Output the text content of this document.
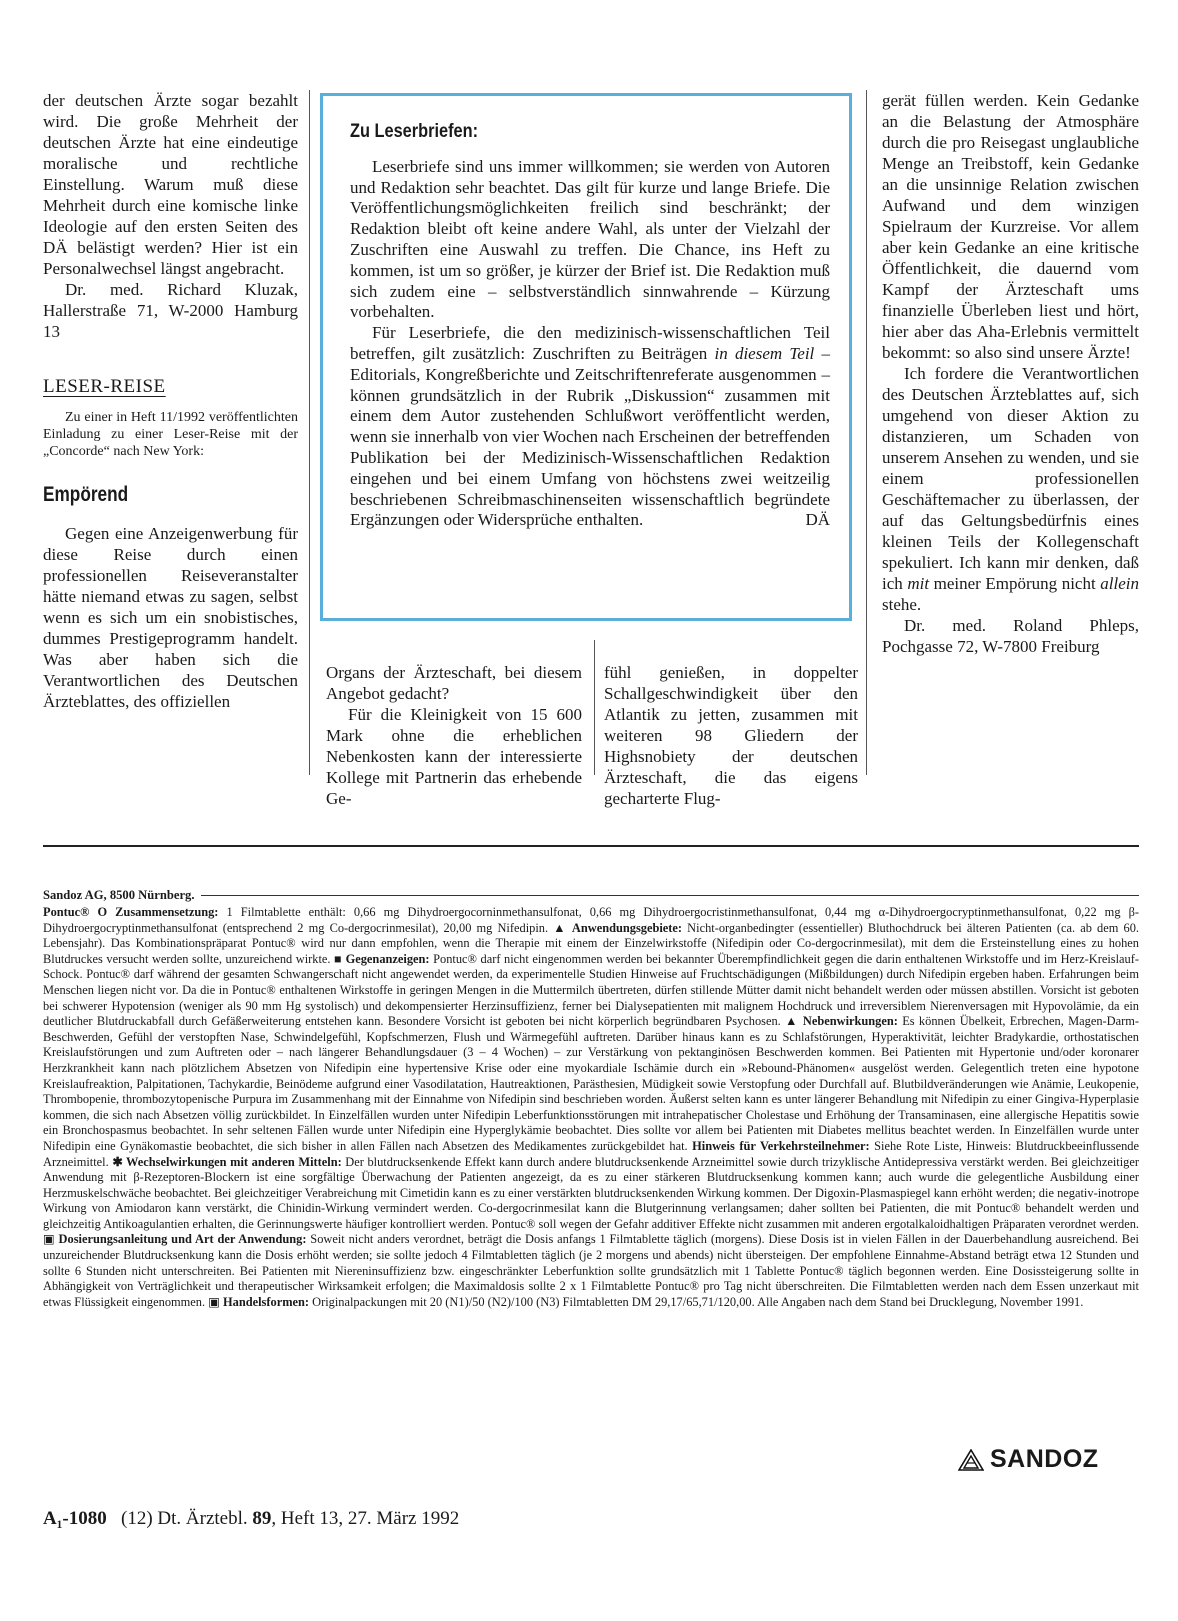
der deutschen Ärzte sogar bezahlt wird. Die große Mehrheit der deutschen Ärzte hat eine eindeutige moralische und rechtliche Einstellung. Warum muß diese Mehrheit durch eine komische linke Ideologie auf den ersten Seiten des DÄ belästigt werden? Hier ist ein Personalwechsel längst angebracht.

Dr. med. Richard Kluzak, Hallerstraße 71, W-2000 Hamburg 13

LESER-REISE

Zu einer in Heft 11/1992 veröffentlichten Einladung zu einer Leser-Reise mit der „Concorde“ nach New York:

Empörend

Gegen eine Anzeigenwerbung für diese Reise durch einen professionellen Reiseveranstalter hätte niemand etwas zu sagen, selbst wenn es sich um ein snobistisches, dummes Prestigeprogramm handelt. Was aber haben sich die Verantwortlichen des Deutschen Ärzteblattes, des offiziellen

Zu Leserbriefen:

Leserbriefe sind uns immer willkommen; sie werden von Autoren und Redaktion sehr beachtet. Das gilt für kurze und lange Briefe. Die Veröffentlichungsmöglichkeiten freilich sind beschränkt; der Redaktion bleibt oft keine andere Wahl, als unter der Vielzahl der Zuschriften eine Auswahl zu treffen. Die Chance, ins Heft zu kommen, ist um so größer, je kürzer der Brief ist. Die Redaktion muß sich zudem eine – selbstverständlich sinnwahrende – Kürzung vorbehalten.

Für Leserbriefe, die den medizinisch-wissenschaftlichen Teil betreffen, gilt zusätzlich: Zuschriften zu Beiträgen in diesem Teil – Editorials, Kongreßberichte und Zeitschriftenreferate ausgenommen – können grundsätzlich in der Rubrik „Diskussion“ zusammen mit einem dem Autor zustehenden Schlußwort veröffentlicht werden, wenn sie innerhalb von vier Wochen nach Erscheinen der betreffenden Publikation bei der Medizinisch-Wissenschaftlichen Redaktion eingehen und bei einem Umfang von höchstens zwei weitzeilig beschriebenen Schreibmaschinenseiten wissenschaftlich begründete Ergänzungen oder Widersprüche enthalten.	DÄ

Organs der Ärzteschaft, bei diesem Angebot gedacht?

Für die Kleinigkeit von 15 600 Mark ohne die erheblichen Nebenkosten kann der interessierte Kollege mit Partnerin das erhebende Ge-

fühl genießen, in doppelter Schallgeschwindigkeit über den Atlantik zu jetten, zusammen mit weiteren 98 Gliedern der Highsnobiety der deutschen Ärzteschaft, die das eigens gecharterte Flug-

gerät füllen werden. Kein Gedanke an die Belastung der Atmosphäre durch die pro Reisegast unglaubliche Menge an Treibstoff, kein Gedanke an die unsinnige Relation zwischen Aufwand und dem winzigen Spielraum der Kurzreise. Vor allem aber kein Gedanke an eine kritische Öffentlichkeit, die dauernd vom Kampf der Ärzteschaft ums finanzielle Überleben liest und hört, hier aber das Aha-Erlebnis vermittelt bekommt: so also sind unsere Ärzte!

Ich fordere die Verantwortlichen des Deutschen Ärzteblattes auf, sich umgehend von dieser Aktion zu distanzieren, um Schaden von unserem Ansehen zu wenden, und sie einem professionellen Geschäftemacher zu überlassen, der auf das Geltungsbedürfnis eines kleinen Teils der Kollegenschaft spekuliert. Ich kann mir denken, daß ich mit meiner Empörung nicht allein stehe.

Dr. med. Roland Phleps, Pochgasse 72, W-7800 Freiburg

Sandoz AG, 8500 Nürnberg.

Pontuc® O Zusammensetzung: 1 Filmtablette enthält: 0,66 mg Dihydroergocorninmethansulfonat, 0,66 mg Dihydroergocristinmethansulfonat, 0,44 mg α-Dihydroergocryptinmethansulfonat, 0,22 mg β-Dihydroergocryptinmethansulfonat (entsprechend 2 mg Co-dergocrinmesilat), 20,00 mg Nifedipin. ▲ Anwendungsgebiete: Nicht-organbedingter (essentieller) Bluthochdruck bei älteren Patienten (ca. ab dem 60. Lebensjahr). Das Kombinationspräparat Pontuc® wird nur dann empfohlen, wenn die Therapie mit einem der Einzelwirkstoffe (Nifedipin oder Co-dergocrinmesilat), mit dem die Ersteinstellung eines zu hohen Blutdruckes versucht werden sollte, unzureichend wirkte. ■ Gegenanzeigen: Pontuc® darf nicht eingenommen werden bei bekannter Überempfindlichkeit gegen die darin enthaltenen Wirkstoffe und im Herz-Kreislauf-Schock. Pontuc® darf während der gesamten Schwangerschaft nicht angewendet werden, da experimentelle Studien Hinweise auf Fruchtschädigungen (Mißbildungen) durch Nifedipin ergeben haben. Erfahrungen beim Menschen liegen nicht vor. Da die in Pontuc® enthaltenen Wirkstoffe in geringen Mengen in die Muttermilch übertreten, dürfen stillende Mütter damit nicht behandelt werden oder müssen abstillen. Vorsicht ist geboten bei schwerer Hypotension (weniger als 90 mm Hg systolisch) und dekompensierter Herzinsuffizienz, ferner bei Dialysepatienten mit malignem Hochdruck und irreversiblem Nierenversagen mit Hypovolämie, da ein deutlicher Blutdruckabfall durch Gefäßerweiterung entstehen kann. Besondere Vorsicht ist geboten bei nicht körperlich begründbaren Psychosen. ▲ Nebenwirkungen: Es können Übelkeit, Erbrechen, Magen-Darm-Beschwerden, Gefühl der verstopften Nase, Schwindelgefühl, Kopfschmerzen, Flush und Wärmegefühl auftreten. Darüber hinaus kann es zu Schlafstörungen, Hyperaktivität, leichter Bradykardie, orthostatischen Kreislaufstörungen und zum Auftreten oder – nach längerer Behandlungsdauer (3 – 4 Wochen) – zur Verstärkung von pektanginösen Beschwerden kommen. Bei Patienten mit Hypertonie und/oder koronarer Herzkrankheit kann nach plötzlichem Absetzen von Nifedipin eine hypertensive Krise oder eine myokardiale Ischämie durch ein »Rebound-Phänomen« ausgelöst werden. Gelegentlich treten eine hypotone Kreislaufreaktion, Palpitationen, Tachykardie, Beinödeme aufgrund einer Vasodilatation, Hautreaktionen, Parästhesien, Müdigkeit sowie Verstopfung oder Durchfall auf. Blutbildveränderungen wie Anämie, Leukopenie, Thrombopenie, thrombozytopenische Purpura im Zusammenhang mit der Einnahme von Nifedipin sind beschrieben worden. Äußerst selten kann es unter längerer Behandlung mit Nifedipin zu einer Gingiva-Hyperplasie kommen, die sich nach Absetzen völlig zurückbildet. In Einzelfällen wurden unter Nifedipin Leberfunktionsstörungen mit intrahepatischer Cholestase und Erhöhung der Transaminasen, eine allergische Hepatitis sowie ein Bronchospasmus beobachtet. In sehr seltenen Fällen wurde unter Nifedipin eine Hyperglykämie beobachtet. Dies sollte vor allem bei Patienten mit Diabetes mellitus beachtet werden. In Einzelfällen wurde unter Nifedipin eine Gynäkomastie beobachtet, die sich bisher in allen Fällen nach Absetzen des Medikamentes zurückgebildet hat. Hinweis für Verkehrsteilnehmer: Siehe Rote Liste, Hinweis: Blutdruckbeeinflussende Arzneimittel. ✱ Wechselwirkungen mit anderen Mitteln: Der blutdrucksenkende Effekt kann durch andere blutdrucksenkende Arzneimittel sowie durch trizyklische Antidepressiva verstärkt werden. Bei gleichzeitiger Anwendung mit β-Rezeptoren-Blockern ist eine sorgfältige Überwachung der Patienten angezeigt, da es zu einer stärkeren Blutdrucksenkung kommen kann; auch wurde die gelegentliche Ausbildung einer Herzmuskelschwäche beobachtet. Bei gleichzeitiger Verabreichung mit Cimetidin kann es zu einer verstärkten blutdrucksenkenden Wirkung kommen. Der Digoxin-Plasmaspiegel kann erhöht werden; die negativ-inotrope Wirkung von Amiodaron kann verstärkt, die Chinidin-Wirkung vermindert werden. Co-dergocrinmesilat kann die Blutgerinnung verlangsamen; daher sollten bei Patienten, die mit Pontuc® behandelt werden und gleichzeitig Antikoagulantien erhalten, die Gerinnungswerte häufiger kontrolliert werden. Pontuc® soll wegen der Gefahr additiver Effekte nicht zusammen mit anderen ergotalkaloidhaltigen Präparaten verordnet werden. ▣ Dosierungsanleitung und Art der Anwendung: Soweit nicht anders verordnet, beträgt die Dosis anfangs 1 Filmtablette täglich (morgens). Diese Dosis ist in vielen Fällen in der Dauerbehandlung ausreichend. Bei unzureichender Blutdrucksenkung kann die Dosis erhöht werden; sie sollte jedoch 4 Filmtabletten täglich (je 2 morgens und abends) nicht übersteigen. Der empfohlene Einnahme-Abstand beträgt etwa 12 Stunden und sollte 6 Stunden nicht unterschreiten. Bei Patienten mit Niereninsuffizienz bzw. eingeschränkter Leberfunktion sollte grundsätzlich mit 1 Tablette Pontuc® täglich begonnen werden. Eine Dosissteigerung sollte in Abhängigkeit von Verträglichkeit und therapeutischer Wirksamkeit erfolgen; die Maximaldosis sollte 2 x 1 Filmtablette Pontuc® pro Tag nicht überschreiten. Die Filmtabletten werden nach dem Essen unzerkaut mit etwas Flüssigkeit eingenommen. ▣ Handelsformen: Originalpackungen mit 20 (N1)/50 (N2)/100 (N3) Filmtabletten DM 29,17/65,71/120,00. Alle Angaben nach dem Stand bei Drucklegung, November 1991.

SANDOZ
A₁-1080 (12) Dt. Ärztebl. 89, Heft 13, 27. März 1992
